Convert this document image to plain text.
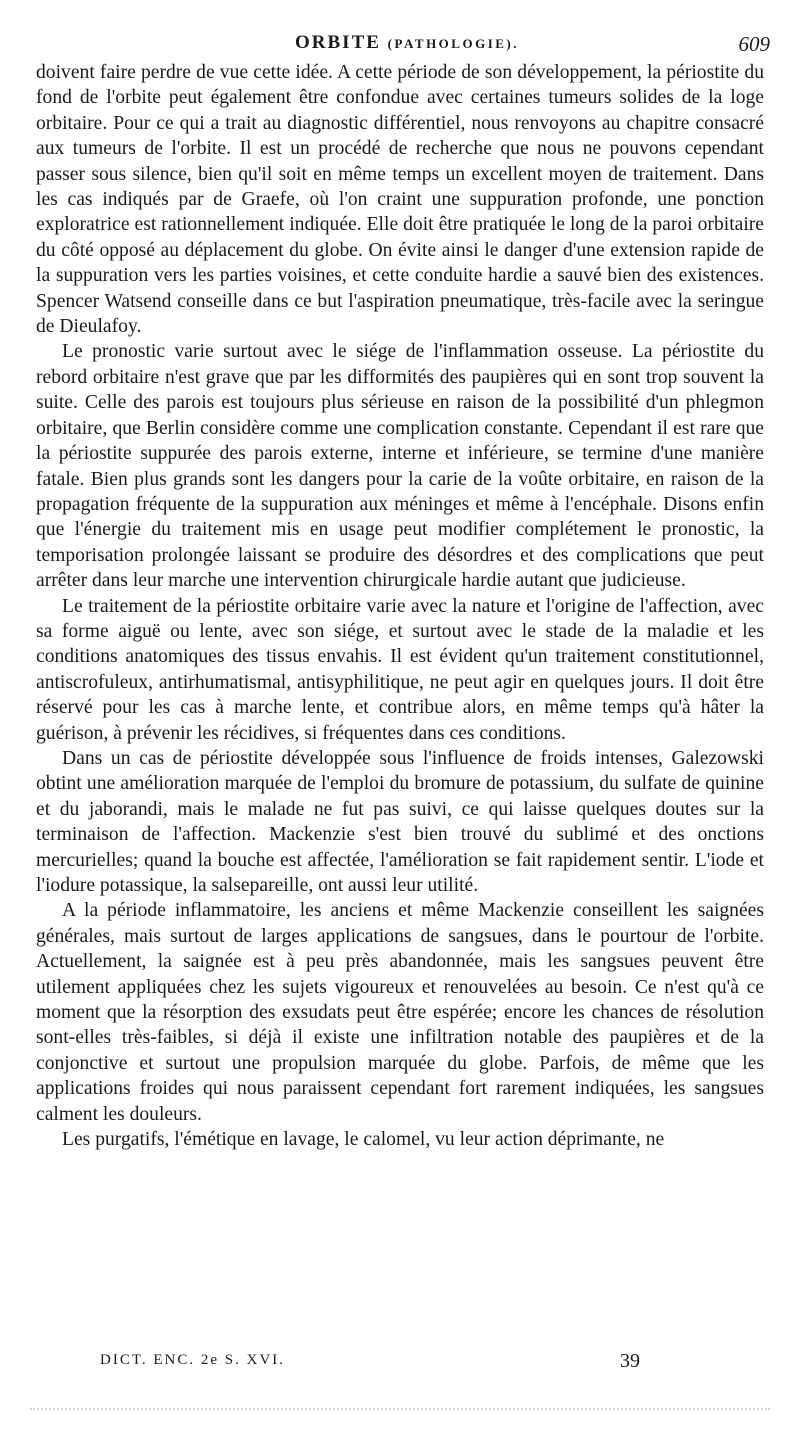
ORBITE (PATHOLOGIE).	609

doivent faire perdre de vue cette idée. A cette période de son développement, la périostite du fond de l'orbite peut également être confondue avec certaines tumeurs solides de la loge orbitaire. Pour ce qui a trait au diagnostic différentiel, nous renvoyons au chapitre consacré aux tumeurs de l'orbite. Il est un procédé de recherche que nous ne pouvons cependant passer sous silence, bien qu'il soit en même temps un excellent moyen de traitement. Dans les cas indiqués par de Graefe, où l'on craint une suppuration profonde, une ponction exploratrice est rationnellement indiquée. Elle doit être pratiquée le long de la paroi orbitaire du côté opposé au déplacement du globe. On évite ainsi le danger d'une extension rapide de la suppuration vers les parties voisines, et cette conduite hardie a sauvé bien des existences. Spencer Watsend conseille dans ce but l'aspiration pneumatique, très-facile avec la seringue de Dieulafoy.

Le pronostic varie surtout avec le siége de l'inflammation osseuse. La périostite du rebord orbitaire n'est grave que par les difformités des paupières qui en sont trop souvent la suite. Celle des parois est toujours plus sérieuse en raison de la possibilité d'un phlegmon orbitaire, que Berlin considère comme une complication constante. Cependant il est rare que la périostite suppurée des parois externe, interne et inférieure, se termine d'une manière fatale. Bien plus grands sont les dangers pour la carie de la voûte orbitaire, en raison de la propagation fréquente de la suppuration aux méninges et même à l'encéphale. Disons enfin que l'énergie du traitement mis en usage peut modifier complétement le pronostic, la temporisation prolongée laissant se produire des désordres et des complications que peut arrêter dans leur marche une intervention chirurgicale hardie autant que judicieuse.

Le traitement de la périostite orbitaire varie avec la nature et l'origine de l'affection, avec sa forme aiguë ou lente, avec son siége, et surtout avec le stade de la maladie et les conditions anatomiques des tissus envahis. Il est évident qu'un traitement constitutionnel, antiscrofuleux, antirhumatismal, antisyphilitique, ne peut agir en quelques jours. Il doit être réservé pour les cas à marche lente, et contribue alors, en même temps qu'à hâter la guérison, à prévenir les récidives, si fréquentes dans ces conditions.

Dans un cas de périostite développée sous l'influence de froids intenses, Galezowski obtint une amélioration marquée de l'emploi du bromure de potassium, du sulfate de quinine et du jaborandi, mais le malade ne fut pas suivi, ce qui laisse quelques doutes sur la terminaison de l'affection. Mackenzie s'est bien trouvé du sublimé et des onctions mercurielles; quand la bouche est affectée, l'amélioration se fait rapidement sentir. L'iode et l'iodure potassique, la salsepareille, ont aussi leur utilité.

A la période inflammatoire, les anciens et même Mackenzie conseillent les saignées générales, mais surtout de larges applications de sangsues, dans le pourtour de l'orbite. Actuellement, la saignée est à peu près abandonnée, mais les sangsues peuvent être utilement appliquées chez les sujets vigoureux et renouvelées au besoin. Ce n'est qu'à ce moment que la résorption des exsudats peut être espérée; encore les chances de résolution sont-elles très-faibles, si déjà il existe une infiltration notable des paupières et de la conjonctive et surtout une propulsion marquée du globe. Parfois, de même que les applications froides qui nous paraissent cependant fort rarement indiquées, les sangsues calment les douleurs.

Les purgatifs, l'émétique en lavage, le calomel, vu leur action déprimante, ne

DICT. ENC. 2e S. XVI.	39
